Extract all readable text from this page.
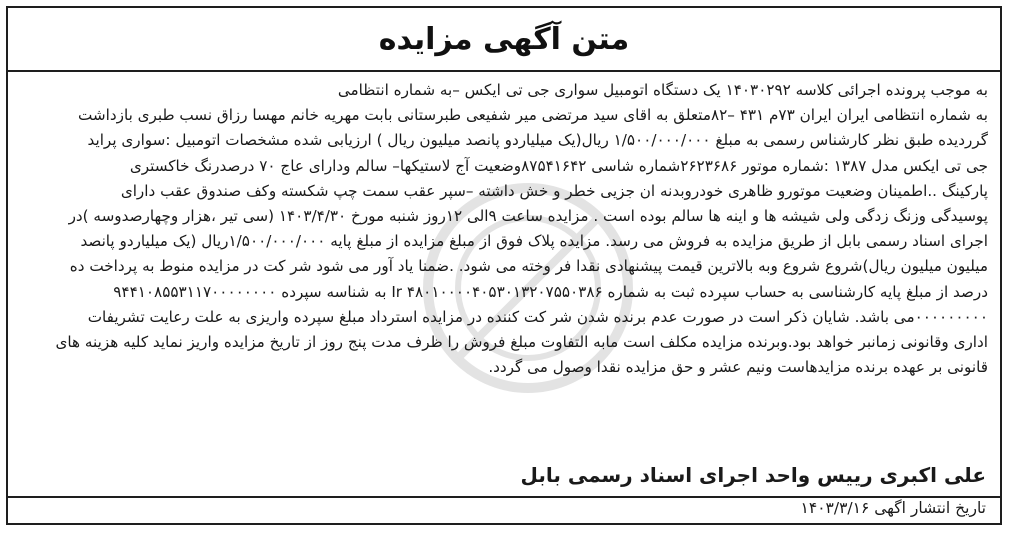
متن آگهی مزایده
به موجب پرونده اجرائی کلاسه ۱۴۰۳۰۲۹۲ یک دستگاه اتومبیل سواری جی تی ایکس –به شماره انتظامی
به شماره انتظامی ایران ایران ۷۳م ۴۳۱ –۸۲متعلق به اقای سید مرتضی میر شفیعی طبرستانی بابت مهریه خانم مهسا رزاق نسب طبری بازداشت
گرردیده طبق نظر کارشناس رسمی به مبلغ ۱/۵۰۰/۰۰۰/۰۰۰ ریال(یک میلیاردو پانصد میلیون ریال ) ارزیابی شده مشخصات اتومبیل :سواری پراید
جی تی ایکس مدل ۱۳۸۷ :شماره موتور ۲۶۲۳۶۸۶شماره شاسی ۸۷۵۴۱۶۴۲وضعیت آج لاستیکها– سالم ودارای عاج ۷۰ درصدرنگ خاکستری
پارکینگ ..اطمینان وضعیت موتورو ظاهری خودروبدنه ان جزیی خطر و خش داشته –سپر عقب سمت چپ شکسته وکف صندوق عقب دارای
پوسیدگی وزنگ زدگی ولی شیشه ها و اینه ها سالم بوده است . مزایده ساعت ۹الی ۱۲روز شنبه مورخ ۱۴۰۳/۴/۳۰ (سی تیر ،هزار وچهارصدوسه )در
اجرای اسناد رسمی بابل از طریق مزایده به فروش می رسد. مزایده پلاک فوق از مبلغ مزایده از مبلغ پایه ۱/۵۰۰/۰۰۰/۰۰۰ریال (یک میلیاردو پانصد
میلیون میلیون ریال)شروع شروع وبه بالاترین قیمت پیشنهادی نقدا فر وخته می شود. .ضمنا یاد آور می شود شر کت در مزایده منوط به پرداخت ده
درصد از مبلغ پایه کارشناسی به حساب سپرده ثبت به شماره Ir ۴۸۰۱۰۰۰۰۴۰۵۳۰۱۳۲۰۷۵۵۰۳۸۶ به شناسه سپرده ۹۴۴۱۰۸۵۵۳۱۱۷۰۰۰۰۰۰۰۰
۰۰۰۰۰۰۰۰۰می باشد. شایان ذکر است در صورت عدم برنده شدن شر کت کننده در مزایده استرداد مبلغ سپرده واریزی به علت رعایت تشریفات
اداری وقانونی زمانبر خواهد بود.وبرنده مزایده مکلف است مابه التفاوت مبلغ فروش را ظرف مدت پنج روز از تاریخ مزایده واریز نماید کلیه هزینه های
قانونی بر عهده برنده مزایدهاست ونیم عشر و حق مزایده نقدا وصول می گردد.
علی اکبری رییس واحد اجرای اسناد رسمی بابل
تاریخ انتشار اگهی ۱۴۰۳/۳/۱۶
